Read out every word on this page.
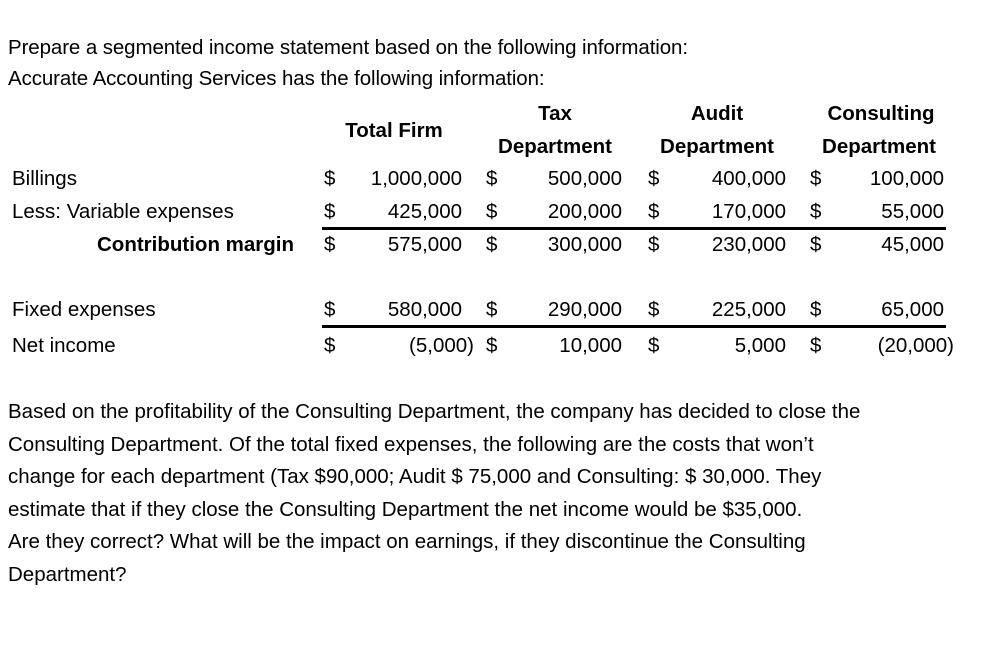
Prepare a segmented income statement based on the following information:
Accurate Accounting Services has the following information:
Total Firm
Tax
Department
Audit
Department
Consulting
Department
Billings	$	1,000,000 $	500,000 $	400,000 $	100,000
Less: Variable expenses	$	425,000 $	200,000 $	170,000 $	55,000
Contribution margin $	575,000 $	300,000 $	230,000 $	45,000
Fixed expenses	$	580,000 $	290,000 $	225,000 $	65,000
Net income	$	(5,000) $	10,000 $	5,000 $	(20,000)
Based on the profitability of the Consulting Department, the company has decided to close the
Consulting Department. Of the total fixed expenses, the following are the costs that won’t
change for each department (Tax $90,000; Audit $ 75,000 and Consulting: $ 30,000. They
estimate that if they close the Consulting Department the net income would be $35,000.
Are they correct? What will be the impact on earnings, if they discontinue the Consulting
Department?
